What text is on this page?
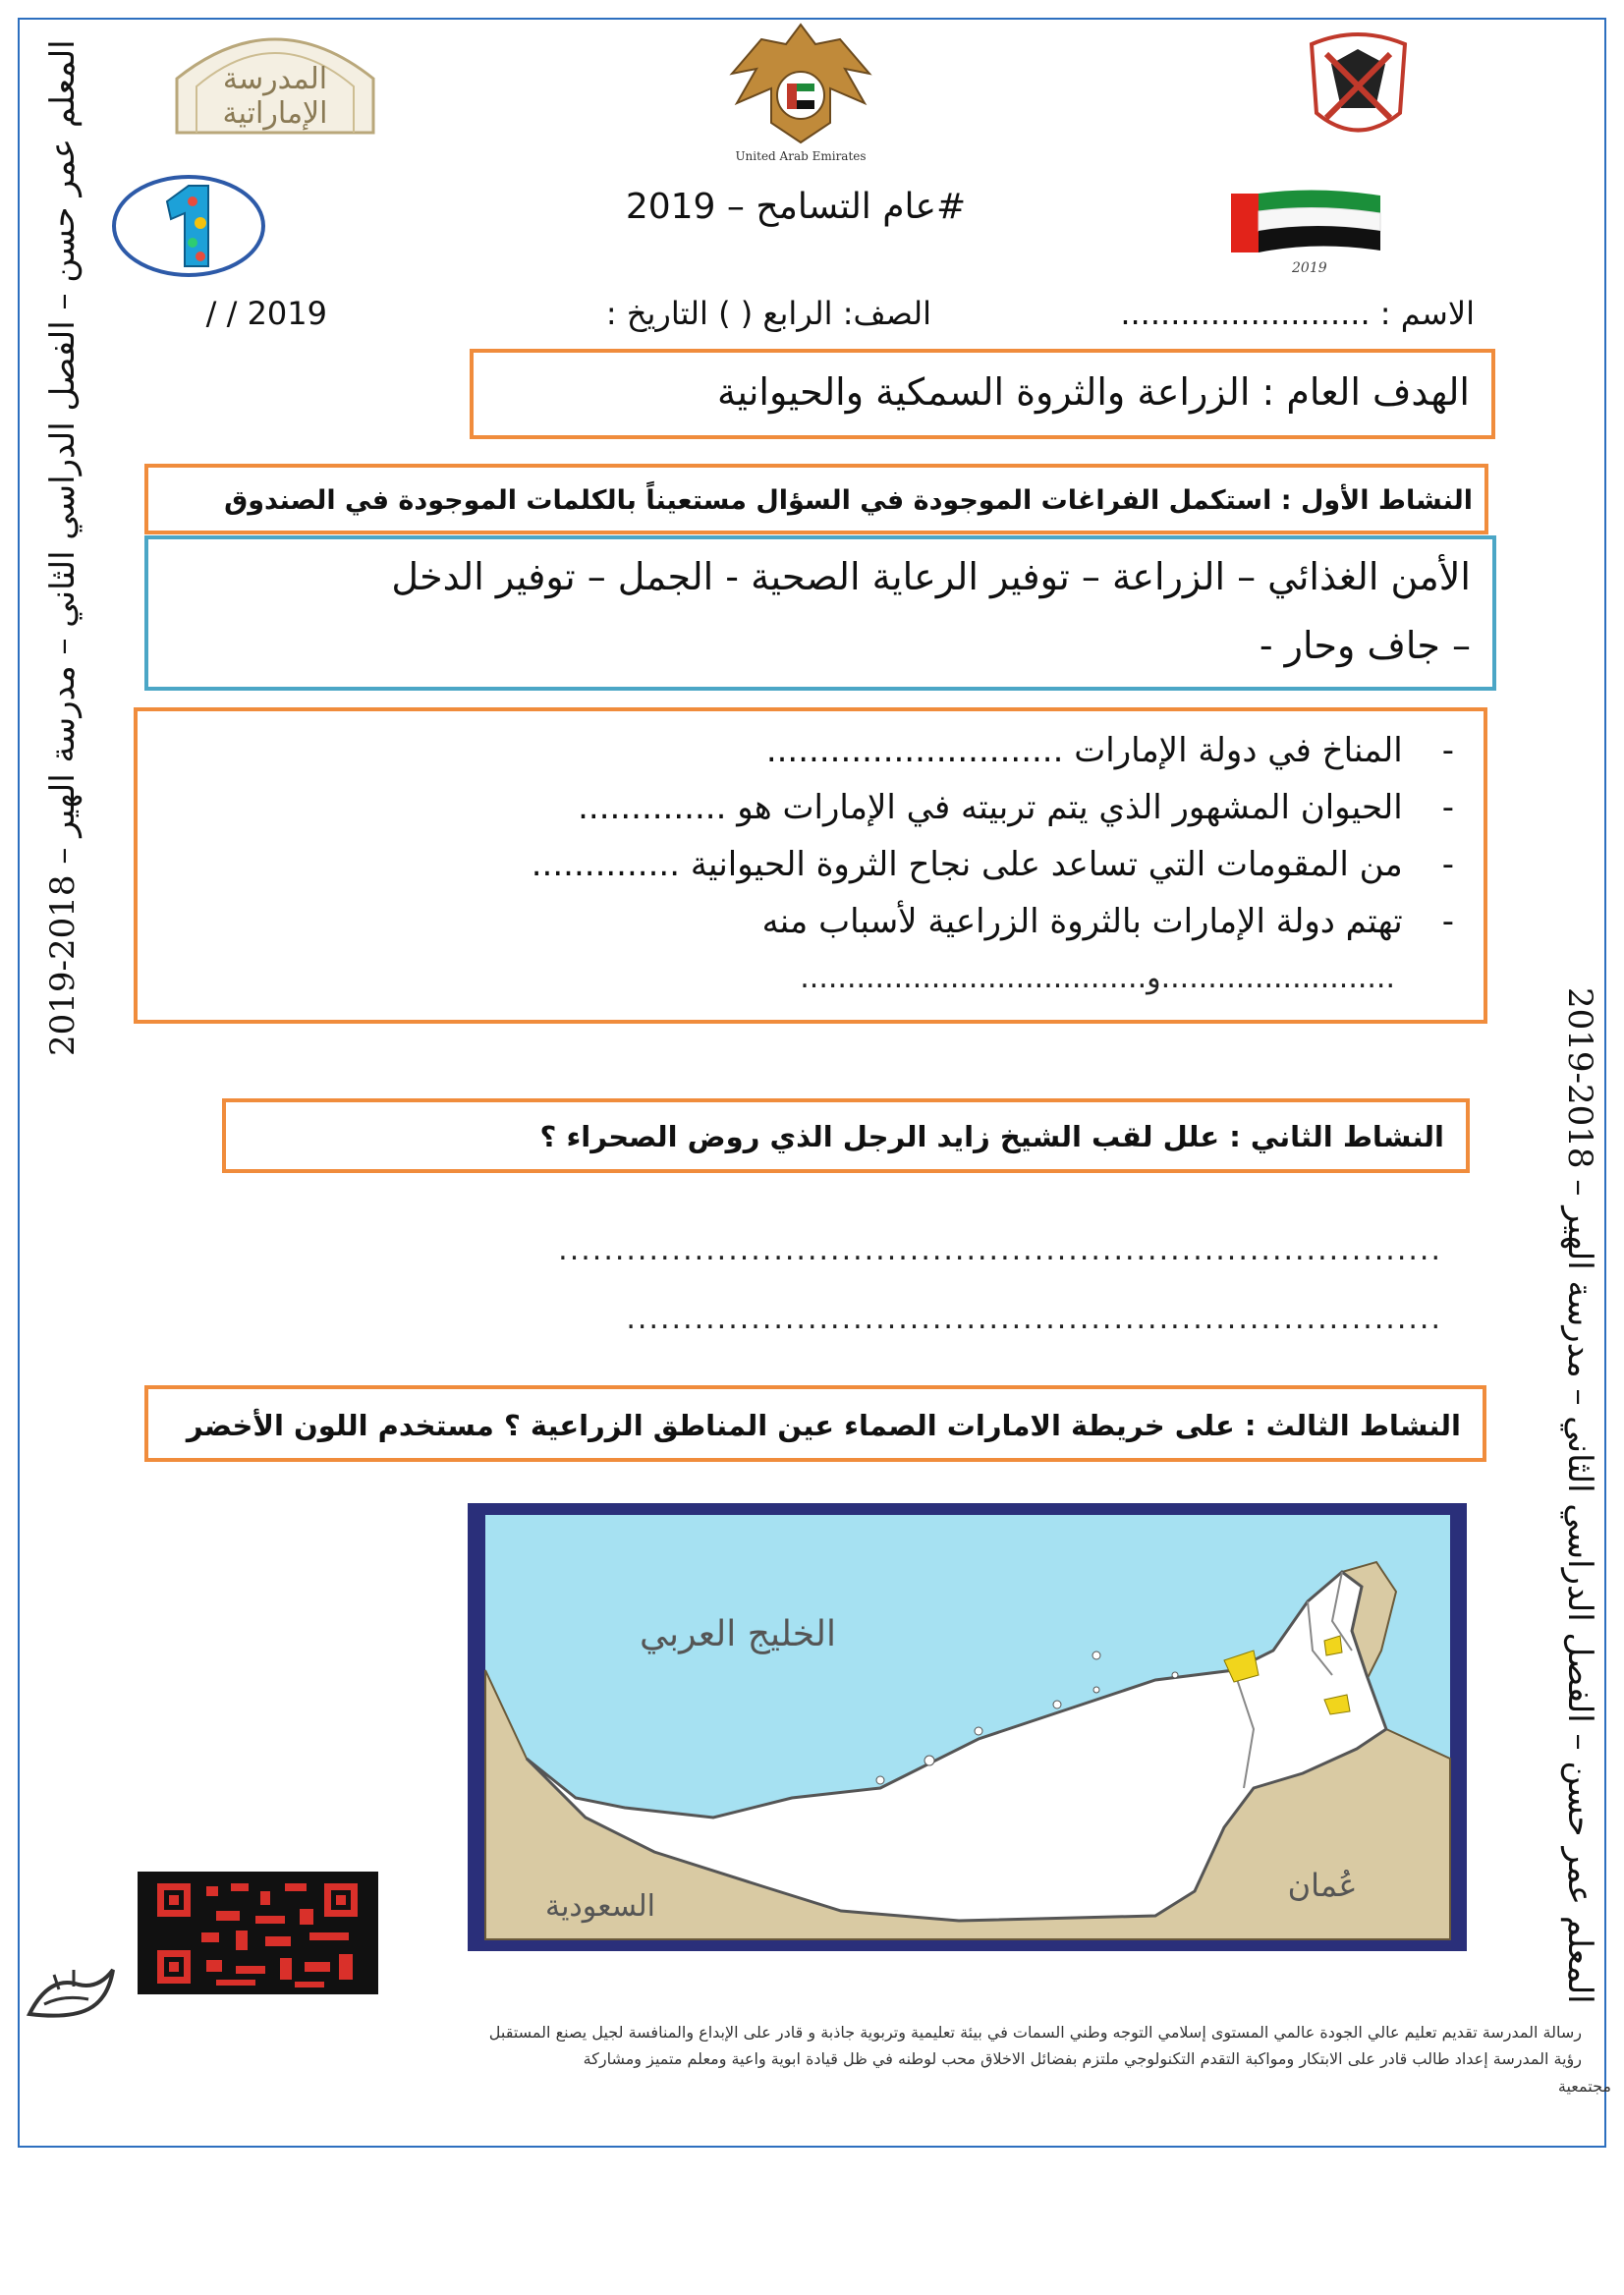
المعلم عمر حسن – الفصل الدراسي الثاني – مدرسة الهير – 2018-2019
المعلم عمر حسن – الفصل الدراسي الثاني – مدرسة الهير – 2018-2019
المدرسة
الإماراتية
United Arab Emirates
#عام التسامح – 2019
2019
الاسم : .........................
الصف: الرابع ( ) التاريخ :
/ / 2019
الهدف العام : الزراعة والثروة السمكية والحيوانية
النشاط الأول : استكمل الفراغات الموجودة في السؤال مستعيناً بالكلمات الموجودة في الصندوق
الأمن الغذائي – الزراعة – توفير الرعاية الصحية - الجمل – توفير الدخل
– جاف وحار -
-المناخ في دولة الإمارات ............................
-الحيوان المشهور الذي يتم تربيته في الإمارات هو ..............
-من المقومات التي تساعد على نجاح الثروة الحيوانية ..............
-تهتم دولة الإمارات بالثروة الزراعية لأسباب منه
.........................و.....................................
النشاط الثاني : علل لقب الشيخ زايد الرجل الذي روض الصحراء ؟
..............................................................................
........................................................................
النشاط الثالث : على خريطة الامارات الصماء عين المناطق الزراعية ؟ مستخدم اللون الأخضر
الخليج العربي
السعودية
عُمان
رسالة المدرسة تقديم تعليم عالي الجودة عالمي المستوى إسلامي التوجه وطني السمات في بيئة تعليمية وتربوية جاذبة و قادر على الإبداع والمنافسة لجيل يصنع المستقبل
رؤية المدرسة إعداد طالب قادر على الابتكار ومواكبة التقدم التكنولوجي ملتزم بفضائل الاخلاق محب لوطنه في ظل قيادة ابوية واعية ومعلم متميز ومشاركة
مجتمعية
